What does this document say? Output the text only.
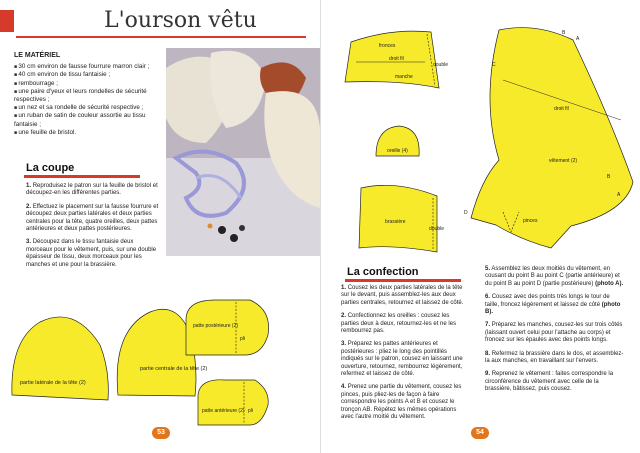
L'ourson vêtu
LE MATÉRIEL
■ 30 cm environ de fausse fourrure marron clair ;
■ 40 cm environ de tissu fantaisie ;
■ rembourrage ;
■ une paire d'yeux et leurs rondelles de sécurité respectives ;
■ un nez et sa rondelle de sécurité respective ;
■ un ruban de satin de couleur assortie au tissu fantaisie ;
■ une feuille de bristol.
La coupe

1. Reproduisez le patron sur la feuille de bristol et découpez-en les différentes parties.

2. Effectuez le placement sur la fausse fourrure et découpez deux parties latérales et deux parties centrales pour la tête, quatre oreilles, deux pattes antérieures et deux pattes postérieures.

3. Découpez dans le tissu fantaisie deux morceaux pour le vêtement, puis, sur une double épaisseur de tissu, deux morceaux pour les manches et une pour la brassière.

partie latérale de la tête (2)
partie centrale de la tête (2)
patte postérieure (2)
pli
patte antérieure (2) pli
53
fronces
droit fil
manche
double
oreille (4)
brassière
double
droit fil
vêtement (2)
pinces
A
B
C
D
B
A
La confection

1. Cousez les deux parties latérales de la tête sur le devant, puis assemblez-les aux deux parties centrales, retournez et laissez de côté.

2. Confectionnez les oreilles : cousez les parties deux à deux, retournez-les et ne les rembourrez pas.

3. Préparez les pattes antérieures et postérieures : pliez le long des pointillés indiqués sur le patron, cousez en laissant une ouverture, retournez, rembourrez légèrement, refermez et laissez de côté.

4. Prenez une partie du vêtement, cousez les pinces, puis pliez-les de façon à faire correspondre les points A et B et cousez le tronçon AB. Répétez les mêmes opérations avec l'autre moitié du vêtement.

5. Assemblez les deux moitiés du vêtement, en cousant du point B au point C (partie antérieure) et du point B au point D (partie postérieure) (photo A).

6. Cousez avec des points très longs le tour de taille, froncez légèrement et laissez de côté (photo B).

7. Préparez les manches, cousez-les sur trois côtés (laissant ouvert celui pour l'attache au corps) et froncez sur les épaules avec des points longs.

8. Refermez la brassière dans le dos, et assemblez-la aux manches, en travaillant sur l'envers.

9. Reprenez le vêtement : faites correspondre la circonférence du vêtement avec celle de la brassière, bâtissez, puis cousez.

54
